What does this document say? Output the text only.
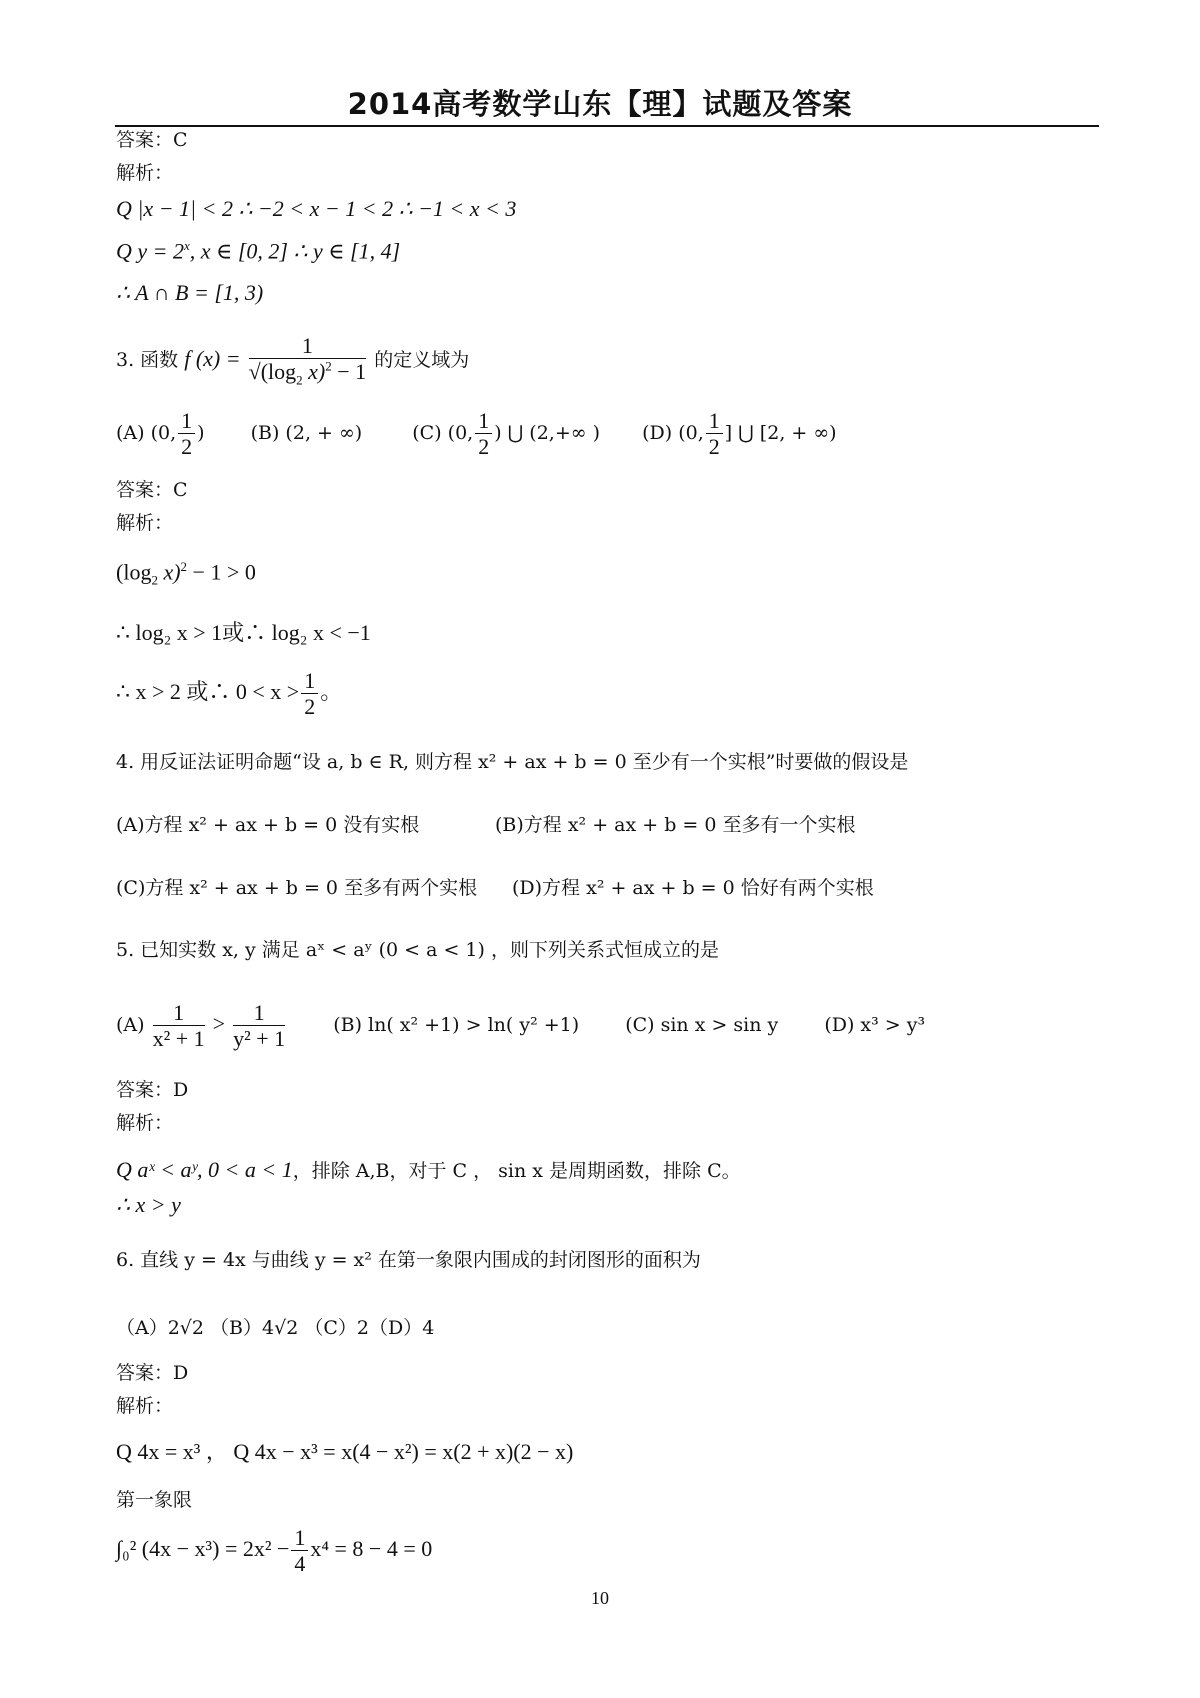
2014高考数学山东【理】试题及答案
答案：C
解析：
Q |x − 1| < 2 ∴ −2 < x − 1 < 2 ∴ −1 < x < 3
Q $y = 2^x$, x ∈ [0, 2] ∴ y ∈ [1, 4]
∴ A ∩ B = [1, 3)
3. 函数 f $(x) = \frac{1}{√(\log_2 x)^2 - 1}$ 的定义域为
(A) (0, $\frac{1}{2}$ ) (B) (2, + ∞)	(C) (0, $\frac{1}{2}$ ) ⋃ (2,+∞ ) (D) (0, $\frac{1}{2}$ ] ⋃ [2, + ∞)
答案：C
解析：
($\log_2$ x)$^2$ − 1 > 0
∴ log₂ x > 1或∴ log₂ x < −1
∴ x > 2 或∴ $0 < x > \frac{1}{2}$ 。
4. 用反证法证明命题“设 a, b ∈ R, 则方程 x² + ax + b = 0 至少有一个实根”时要做的假设是
(A)方程 x² + ax + b = 0 没有实根	(B)方程 x² + ax + b = 0 至多有一个实根
(C)方程 x² + ax + b = 0 至多有两个实根 (D)方程 x² + ax + b = 0 恰好有两个实根
5. 已知实数 x, y 满足 aˣ < aʸ (0 < a < 1) ，则下列关系式恒成立的是
$(A) \frac{1}{\text{x² + 1}} > \frac{1}{\text{y² + 1}}$	(B) ln( x² +1) > ln( y² +1) (C) sin x > sin y (D) x³ > y³
答案：D
解析：
Q aˣ < aʸ, 0 < a < 1，排除 A,B，对于 C ， sin x 是周期函数，排除 C。
∴ x > y
6. 直线 y = 4x 与曲线 y = x² 在第一象限内围成的封闭图形的面积为
（A）2√2 （B）4√2 （C）2（D）4
答案：D
解析：
Q 4x = x³ ， Q 4x − x³ = x(4 − x²) = x(2 + x)(2 − x)
第一象限
∫₀² $(4x - x^3) = 2x^2 - \frac{1}{4} x^4 = 8 - 4 = 0$
10
